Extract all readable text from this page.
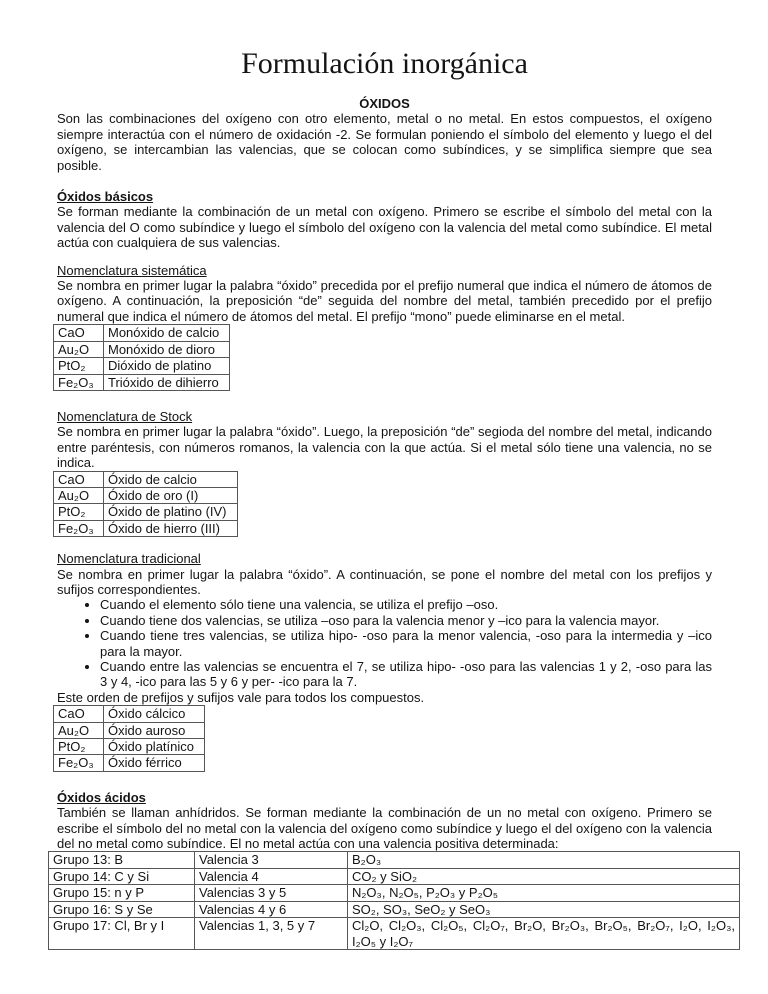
Formulación inorgánica
ÓXIDOS

Son las combinaciones del oxígeno con otro elemento, metal o no metal. En estos compuestos, el oxígeno siempre interactúa con el número de oxidación -2. Se formulan poniendo el símbolo del elemento y luego el del oxígeno, se intercambian las valencias, que se colocan como subíndices, y se simplifica siempre que sea posible.

Óxidos básicos

Se forman mediante la combinación de un metal con oxígeno. Primero se escribe el símbolo del metal con la valencia del O como subíndice y luego el símbolo del oxígeno con la valencia del metal como subíndice. El metal actúa con cualquiera de sus valencias.

Nomenclatura sistemática

Se nombra en primer lugar la palabra “óxido” precedida por el prefijo numeral que indica el número de átomos de oxígeno. A continuación, la preposición “de” seguida del nombre del metal, también precedido por el prefijo numeral que indica el número de átomos del metal. El prefijo “mono” puede eliminarse en el metal.

CaO	Monóxido de calcio
Au₂O	Monóxido de dioro
PtO₂	Dióxido de platino
Fe₂O₃	Trióxido de dihierro
Nomenclatura de Stock

Se nombra en primer lugar la palabra “óxido”. Luego, la preposición “de” segioda del nombre del metal, indicando entre paréntesis, con números romanos, la valencia con la que actúa. Si el metal sólo tiene una valencia, no se indica.

CaO	Óxido de calcio
Au₂O	Óxido de oro (I)
PtO₂	Óxido de platino (IV)
Fe₂O₃	Óxido de hierro (III)
Nomenclatura tradicional

Se nombra en primer lugar la palabra “óxido”. A continuación, se pone el nombre del metal con los prefijos y sufijos correspondientes.

• Cuando el elemento sólo tiene una valencia, se utiliza el prefijo –oso.
• Cuando tiene dos valencias, se utiliza –oso para la valencia menor y –ico para la valencia mayor.
• Cuando tiene tres valencias, se utiliza hipo- -oso para la menor valencia, -oso para la intermedia y –ico para la mayor.
• Cuando entre las valencias se encuentra el 7, se utiliza hipo- -oso para las valencias 1 y 2, -oso para las 3 y 4, -ico para las 5 y 6 y per- -ico para la 7.

Este orden de prefijos y sufijos vale para todos los compuestos.

CaO	Óxido cálcico
Au₂O	Óxido auroso
PtO₂	Óxido platínico
Fe₂O₃	Óxido férrico
Óxidos ácidos

También se llaman anhídridos. Se forman mediante la combinación de un no metal con oxígeno. Primero se escribe el símbolo del no metal con la valencia del oxígeno como subíndice y luego el del oxígeno con la valencia del no metal como subíndice. El no metal actúa con una valencia positiva determinada:

Grupo 13: B	Valencia 3	B₂O₃
Grupo 14: C y Si	Valencia 4	CO₂ y SiO₂
Grupo 15: n y P	Valencias 3 y 5	N₂O₃, N₂O₅, P₂O₃ y P₂O₅
Grupo 16: S y Se	Valencias 4 y 6	SO₂, SO₃, SeO₂ y SeO₃
Grupo 17: Cl, Br y I	Valencias 1, 3, 5 y 7	Cl₂O, Cl₂O₃, Cl₂O₅, Cl₂O₇, Br₂O, Br₂O₃, Br₂O₅, Br₂O₇, I₂O, I₂O₃, I₂O₅ y I₂O₇
